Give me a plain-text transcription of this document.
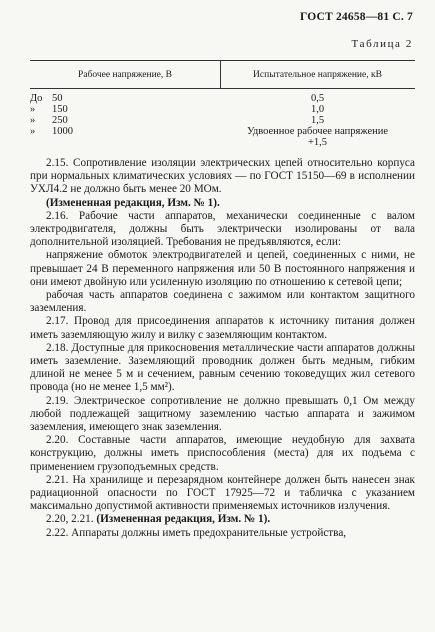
ГОСТ 24658—81 С. 7
Таблица 2
Рабочее напряжение, В	Испытательное напряжение, кВ
До 50	0,5
»	150	1,0
»	250	1,5
»	1000	Удвоенное рабочее напряжение
+1,5

2.15. Сопротивление изоляции электрических цепей относительно корпуса при нормальных климатических условиях — по ГОСТ 15150—69 в исполнении УХЛ4.2 не должно быть менее 20 МОм.

(Измененная редакция, Изм. № 1).

2.16. Рабочие части аппаратов, механически соединенные с валом электродвигателя, должны быть электрически изолированы от вала дополнительной изоляцией. Требования не предъявляются, если:

напряжение обмоток электродвигателей и цепей, соединенных с ними, не превышает 24 В переменного напряжения или 50 В постоянного напряжения и они имеют двойную или усиленную изоляцию по отношению к сетевой цепи;

рабочая часть аппаратов соединена с зажимом или контактом защитного заземления.

2.17. Провод для присоединения аппаратов к источнику питания должен иметь заземляющую жилу и вилку с заземляющим контактом.

2.18. Доступные для прикосновения металлические части аппаратов должны иметь заземление. Заземляющий проводник должен быть медным, гибким длиной не менее 5 м и сечением, равным сечению токоведущих жил сетевого провода (но не менее 1,5 мм²).

2.19. Электрическое сопротивление не должно превышать 0,1 Ом между любой подлежащей защитному заземлению частью аппарата и зажимом заземления, имеющего знак заземления.

2.20. Составные части аппаратов, имеющие неудобную для захвата конструкцию, должны иметь приспособления (места) для их подъема с применением грузоподъемных средств.

2.21. На хранилище и перезарядном контейнере должен быть нанесен знак радиационной опасности по ГОСТ 17925—72 и табличка с указанием максимально допустимой активности применяемых источников излучения.

2.20, 2.21. (Измененная редакция, Изм. № 1).

2.22. Аппараты должны иметь предохранительные устройства,
